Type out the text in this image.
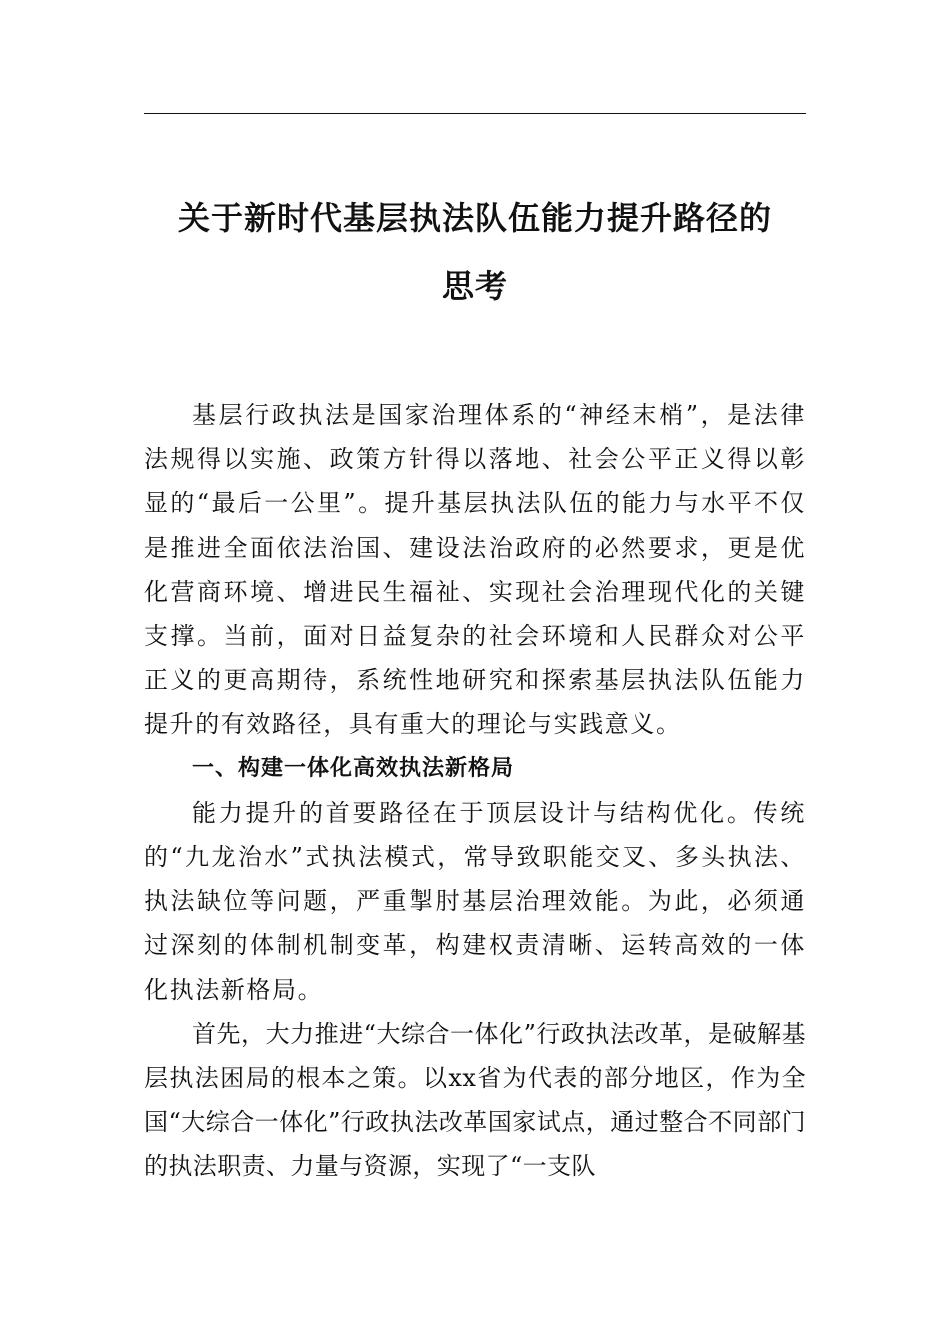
关于新时代基层执法队伍能力提升路径的
思考

基层行政执法是国家治理体系的“神经末梢”，是法律法规得以实施、政策方针得以落地、社会公平正义得以彰显的“最后一公里”。提升基层执法队伍的能力与水平不仅是推进全面依法治国、建设法治政府的必然要求，更是优化营商环境、增进民生福祉、实现社会治理现代化的关键支撑。当前，面对日益复杂的社会环境和人民群众对公平正义的更高期待，系统性地研究和探索基层执法队伍能力提升的有效路径，具有重大的理论与实践意义。

一、构建一体化高效执法新格局

能力提升的首要路径在于顶层设计与结构优化。传统的“九龙治水”式执法模式，常导致职能交叉、多头执法、执法缺位等问题，严重掣肘基层治理效能。为此，必须通过深刻的体制机制变革，构建权责清晰、运转高效的一体化执法新格局。

首先，大力推进“大综合一体化”行政执法改革，是破解基层执法困局的根本之策。以xx省为代表的部分地区，作为全国“大综合一体化”行政执法改革国家试点，通过整合不同部门的执法职责、力量与资源，实现了“一支队
